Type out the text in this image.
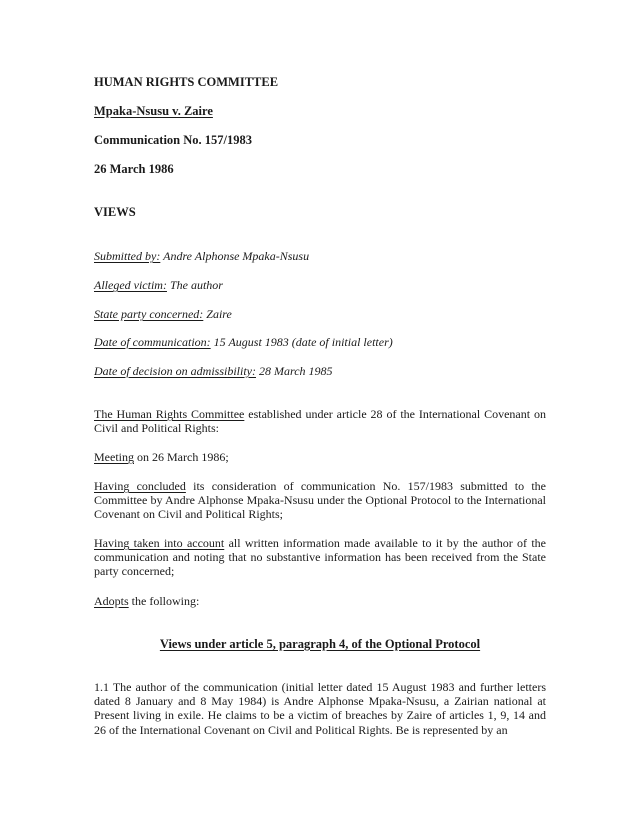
HUMAN RIGHTS COMMITTEE
Mpaka-Nsusu v. Zaire
Communication No. 157/1983
26 March 1986
VIEWS
Submitted by: Andre Alphonse Mpaka-Nsusu
Alleged victim: The author
State party concerned: Zaire
Date of communication: 15 August 1983 (date of initial letter)
Date of decision on admissibility: 28 March 1985
The Human Rights Committee established under article 28 of the International Covenant on Civil and Political Rights:
Meeting on 26 March 1986;
Having concluded its consideration of communication No. 157/1983 submitted to the Committee by Andre Alphonse Mpaka-Nsusu under the Optional Protocol to the International Covenant on Civil and Political Rights;
Having taken into account all written information made available to it by the author of the communication and noting that no substantive information has been received from the State party concerned;
Adopts the following:
Views under article 5, paragraph 4, of the Optional Protocol
1.1 The author of the communication (initial letter dated 15 August 1983 and further letters dated 8 January and 8 May 1984) is Andre Alphonse Mpaka-Nsusu, a Zairian national at Present living in exile. He claims to be a victim of breaches by Zaire of articles 1, 9, 14 and 26 of the International Covenant on Civil and Political Rights. Be is represented by an
